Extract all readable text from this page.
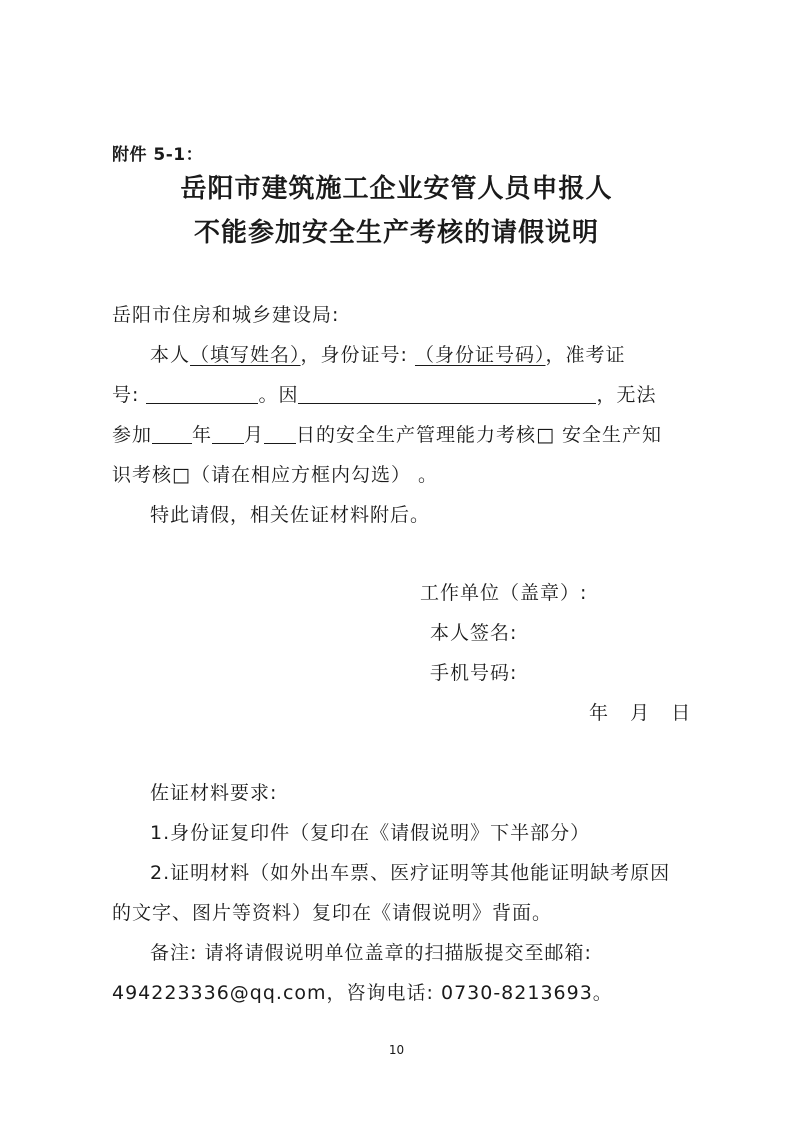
附件 5-1：
岳阳市建筑施工企业安管人员申报人
不能参加安全生产考核的请假说明
岳阳市住房和城乡建设局:
本人（填写姓名），身份证号: （身份证号码），准考证
号:	。因	，无法
参加 年 月 日的安全生产管理能力考核□ 安全生产知
识考核□（请在相应方框内勾选） 。
特此请假，相关佐证材料附后。
工作单位（盖章）:
本人签名:
手机号码:
年   月   日
佐证材料要求:
1.身份证复印件（复印在《请假说明》下半部分）
2.证明材料（如外出车票、医疗证明等其他能证明缺考原因
的文字、图片等资料）复印在《请假说明》背面。
备注: 请将请假说明单位盖章的扫描版提交至邮箱:
494223336@qq.com，咨询电话: 0730-8213693。
10
